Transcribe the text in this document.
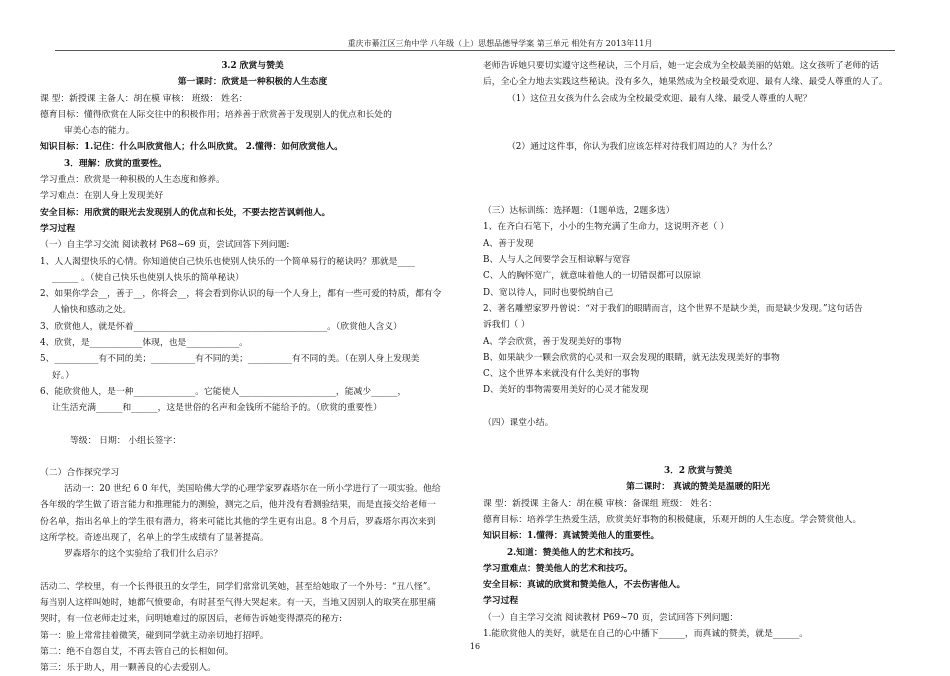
重庆市綦江区三角中学 八年级（上）思想品德导学案 第三单元 相处有方 2013年11月

3.2 欣赏与赞美

第一课时：欣赏是一种积极的人生态度

课 型：新授课 主备人：胡在模 审核： 班级： 姓名：

德育目标：懂得欣赏在人际交往中的积极作用；培养善于欣赏善于发现别人的优点和长处的

审美心态的能力。

知识目标：1.记住：什么叫欣赏他人；什么叫欣赏。 2.懂得：如何欣赏他人。

3．理解：欣赏的重要性。

学习重点：欣赏是一种积极的人生态度和修养。

学习难点：在别人身上发现美好

安全目标：用欣赏的眼光去发现别人的优点和长处，不要去挖苦讽刺他人。

学习过程

（一）自主学习交流 阅读教材 P68~69 页，尝试回答下列问题:

1、人人渴望快乐的心情。你知道使自己快乐也使别人快乐的一个简单易行的秘诀吗？那就是____

______ 。（使自己快乐也使别人快乐的简单秘诀）

2、如果你学会__，善于__，你将会__，将会看到你认识的每一个人身上，都有一些可爱的特质，都有令

人愉快和感动之处。

3、欣赏他人，就是怀着____________________________________________。（欣赏他人含义）

4、欣赏，是____________体现，也是____________。

5、__________有不同的美；__________有不同的美；__________有不同的美。（在别人身上发现美

好。）

6、能欣赏他人，是一种______________。它能使人______________________，能减少______，

让生活充满______和______，这是世俗的名声和金钱所不能给予的。（欣赏的重要性）

等级： 日期： 小组长签字：

（二）合作探究学习

活动一：20 世纪 6 0 年代，美国哈佛大学的心理学家罗森塔尔在一所小学进行了一项实验。他给

各年级的学生做了语言能力和推理能力的测验，测完之后，他并没有看测验结果，而是直接交给老师一

份名单，指出名单上的学生很有潜力，将来可能比其他的学生更有出息。8 个月后，罗森塔尔再次来到

这所学校。奇迹出现了，名单上的学生成绩有了显著提高。

罗森塔尔的这个实验给了我们什么启示？

活动二、学校里，有一个长得很丑的女学生，同学们常常讥笑她，甚至给她取了一个外号：“丑八怪”。

每当别人这样叫她时，她都气愤要命，有时甚至气得大哭起来。有一天，当地又因别人的取笑在那里痛

哭时，有一位老师走过来，问明她难过的原因后，老师告诉她变得漂亮的秘方:

第一：脸上常常挂着微笑，碰到同学就主动亲切地打招呼。

第二：绝不自怨自艾，不再去管自己的长相如何。

第三：乐于助人，用一颗善良的心去爱别人。

老师告诉她只要切实遵守这些秘诀，三个月后，她一定会成为全校最美丽的姑娘。这女孩听了老师的话

后，全心全力地去实践这些秘诀。没有多久，她果然成为全校最受欢迎、最有人缘、最受人尊重的人了。

（1）这位丑女孩为什么会成为全校最受欢迎、最有人缘、最受人尊重的人呢？

（2）通过这件事，你认为我们应该怎样对待我们周边的人？为什么？

（三）达标训练：选择题：（1题单选，2题多选）

1、在齐白石笔下，小小的生物充满了生命力，这说明齐老（ ）

A、善于发现

B、人与人之间要学会互相谅解与宽容

C、人的胸怀宽广，就意味着他人的一切错误都可以原谅

D、宽以待人，同时也要悦纳自己

2、著名雕塑家罗丹曾说：“对于我们的眼睛而言，这个世界不是缺少美，而是缺少发现。”这句话告

诉我们（ ）

A、学会欣赏，善于发现美好的事物

B、如果缺少一颗会欣赏的心灵和一双会发现的眼睛，就无法发现美好的事物

C、这个世界本来就没有什么美好的事物

D、美好的事物需要用美好的心灵才能发现

（四）课堂小结。

3．2 欣赏与赞美

第二课时： 真诚的赞美是温暖的阳光

课 型：新授课 主备人：胡在模 审核：备课组 班级： 姓名：

德育目标：培养学生热爱生活，欣赏美好事物的积极健康，乐观开朗的人生态度。学会赞赏他人。

知识目标：1.懂得：真诚赞美他人的重要性。

2.知道：赞美他人的艺术和技巧。

学习重难点：赞美他人的艺术和技巧。

安全目标：真诚的欣赏和赞美他人，不去伤害他人。

学习过程

（一）自主学习交流 阅读教材 P69~70 页，尝试回答下列问题：

1.能欣赏他人的美好，就是在自己的心中播下______，而真诚的赞美，就是______。

16
